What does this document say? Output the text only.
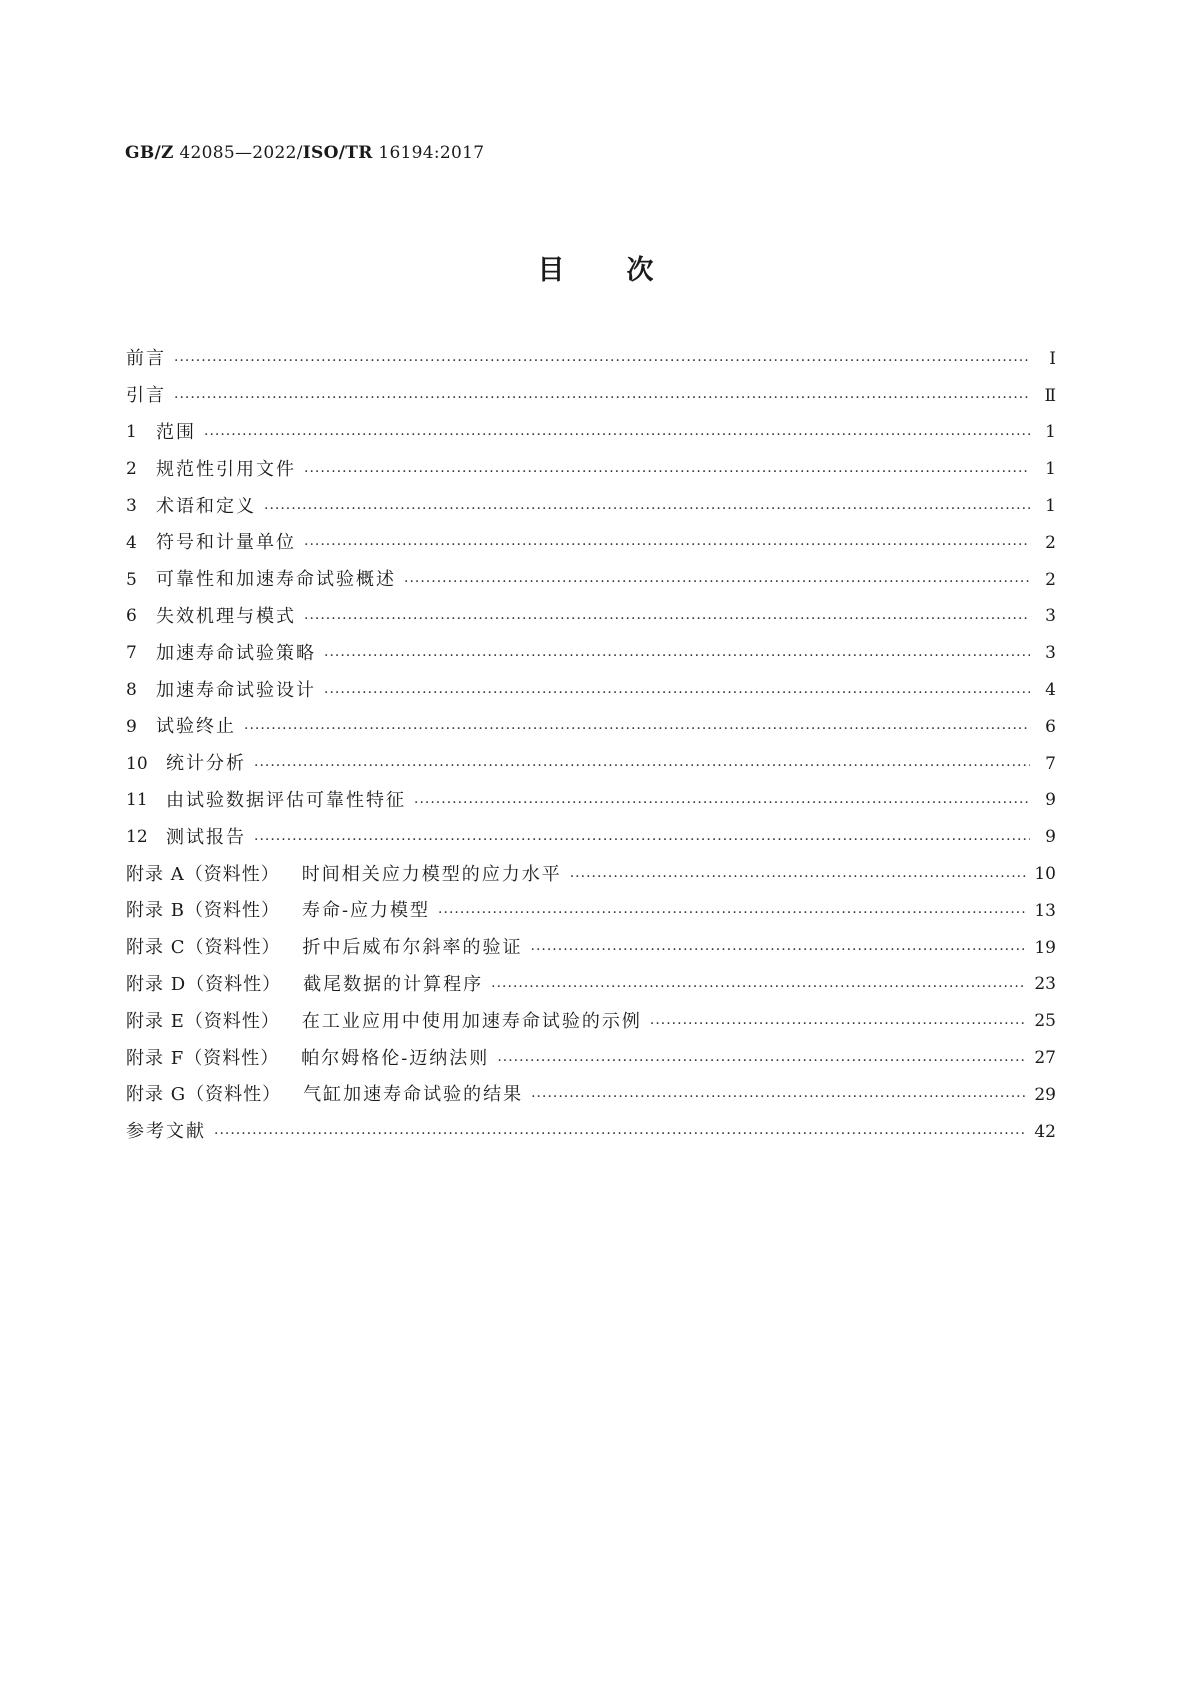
GB/Z 42085—2022/ISO/TR 16194:2017
目次
前言 ·····	Ⅰ
引言 ·····	Ⅱ
1	范围 ·····	1
2	规范性引用文件 ·····	1
3	术语和定义 ·····	1
4	符号和计量单位 ·····	2
5	可靠性和加速寿命试验概述 ·····	2
6	失效机理与模式 ·····	3
7	加速寿命试验策略 ·····	3
8	加速寿命试验设计 ·····	4
9	试验终止 ·····	6
10	统计分析 ·····	7
11	由试验数据评估可靠性特征 ·····	9
12	测试报告 ·····	9
附录 A（资料性） 时间相关应力模型的应力水平 ·····	10
附录 B（资料性） 寿命-应力模型 ·····	13
附录 C（资料性） 折中后威布尔斜率的验证 ·····	19
附录 D（资料性） 截尾数据的计算程序 ·····	23
附录 E（资料性） 在工业应用中使用加速寿命试验的示例 ·····	25
附录 F（资料性） 帕尔姆格伦-迈纳法则 ·····	27
附录 G（资料性） 气缸加速寿命试验的结果 ·····	29
参考文献 ·····	42
